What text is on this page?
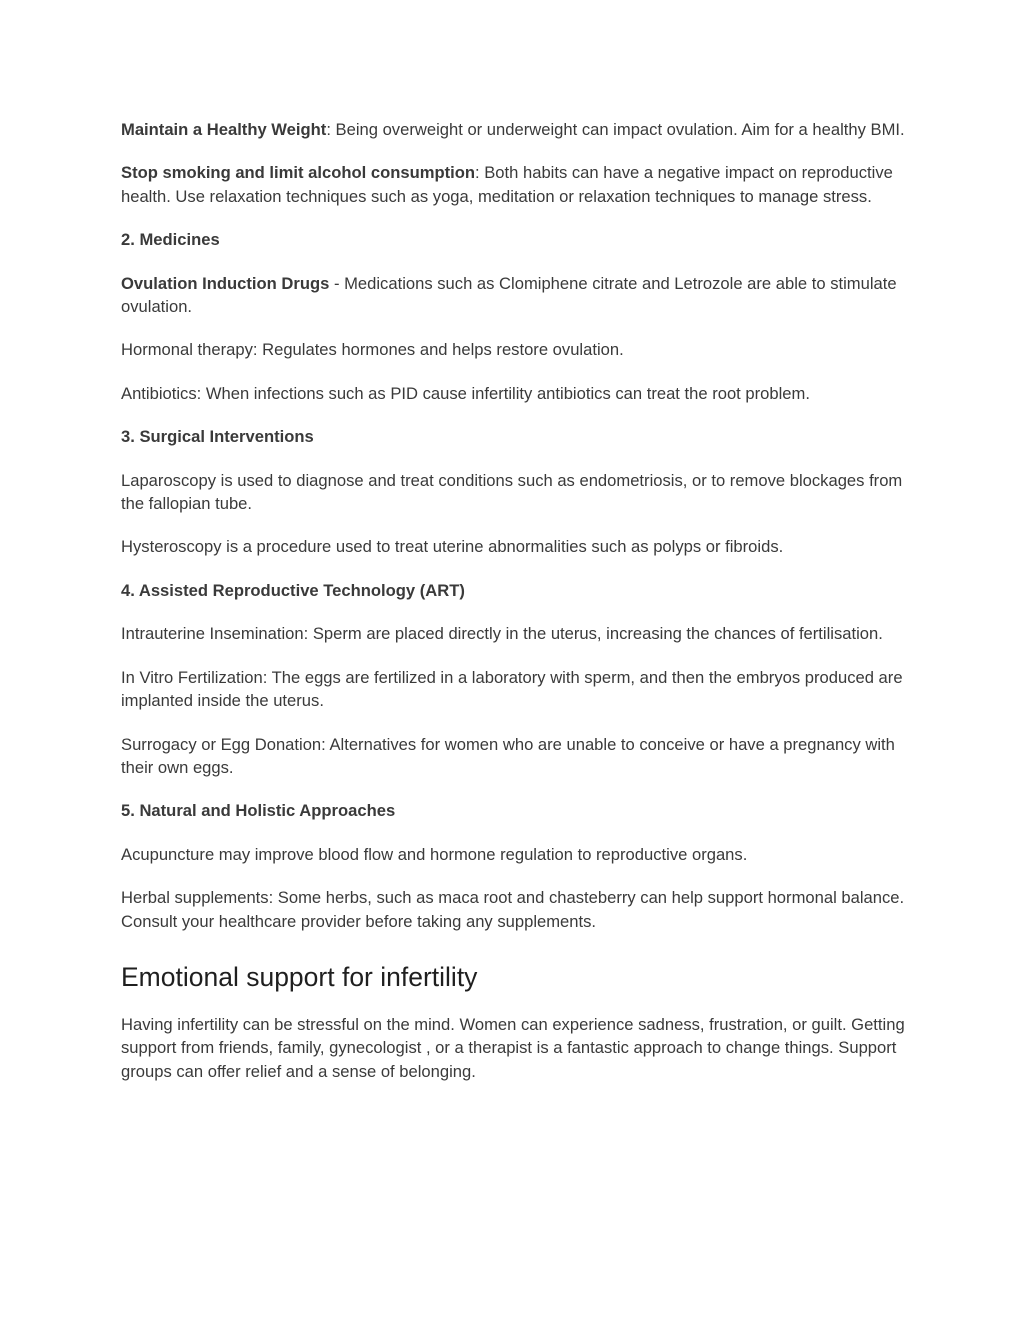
Maintain a Healthy Weight: Being overweight or underweight can impact ovulation. Aim for a healthy BMI.

Stop smoking and limit alcohol consumption: Both habits can have a negative impact on reproductive health. Use relaxation techniques such as yoga, meditation or relaxation techniques to manage stress.

2. Medicines

Ovulation Induction Drugs - Medications such as Clomiphene citrate and Letrozole are able to stimulate ovulation.

Hormonal therapy: Regulates hormones and helps restore ovulation.

Antibiotics: When infections such as PID cause infertility antibiotics can treat the root problem.

3. Surgical Interventions

Laparoscopy is used to diagnose and treat conditions such as endometriosis, or to remove blockages from the fallopian tube.

Hysteroscopy is a procedure used to treat uterine abnormalities such as polyps or fibroids.

4. Assisted Reproductive Technology (ART)

Intrauterine Insemination: Sperm are placed directly in the uterus, increasing the chances of fertilisation.

In Vitro Fertilization: The eggs are fertilized in a laboratory with sperm, and then the embryos produced are implanted inside the uterus.

Surrogacy or Egg Donation: Alternatives for women who are unable to conceive or have a pregnancy with their own eggs.

5. Natural and Holistic Approaches

Acupuncture may improve blood flow and hormone regulation to reproductive organs.

Herbal supplements: Some herbs, such as maca root and chasteberry can help support hormonal balance. Consult your healthcare provider before taking any supplements.

Emotional support for infertility

Having infertility can be stressful on the mind. Women can experience sadness, frustration, or guilt. Getting support from friends, family, gynecologist , or a therapist is a fantastic approach to change things. Support groups can offer relief and a sense of belonging.
